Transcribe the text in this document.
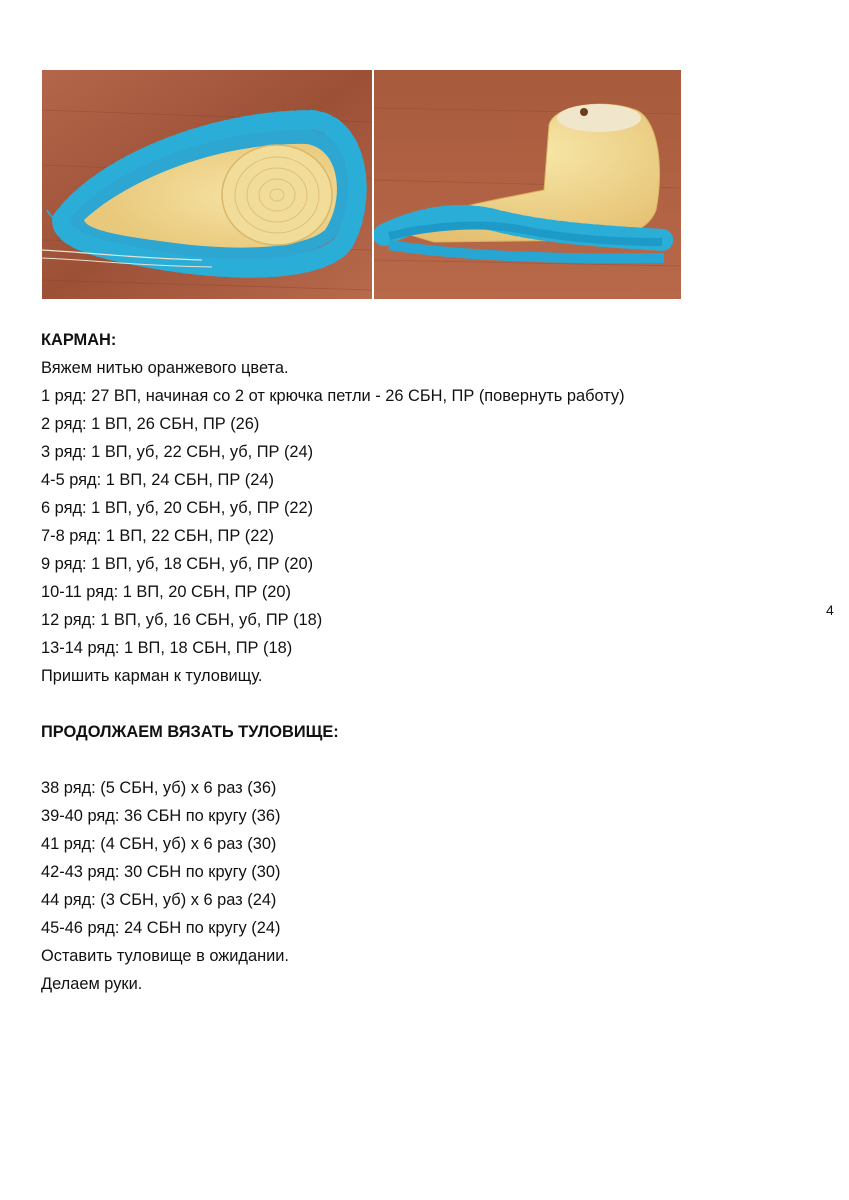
КАРМАН:
Вяжем нитью оранжевого цвета.
1 ряд: 27 ВП, начиная со 2 от крючка петли - 26 СБН, ПР (повернуть работу)
2 ряд: 1 ВП, 26 СБН, ПР (26)
3 ряд: 1 ВП, уб, 22 СБН, уб, ПР (24)
4-5 ряд: 1 ВП, 24 СБН, ПР (24)
6 ряд: 1 ВП, уб, 20 СБН, уб, ПР (22)
7-8 ряд: 1 ВП, 22 СБН, ПР (22)
9 ряд: 1 ВП, уб, 18 СБН, уб, ПР (20)
10-11 ряд: 1 ВП, 20 СБН, ПР (20)
12 ряд: 1 ВП, уб, 16 СБН, уб, ПР (18)
13-14 ряд: 1 ВП, 18 СБН, ПР (18)
Пришить карман к туловищу.
ПРОДОЛЖАЕМ ВЯЗАТЬ ТУЛОВИЩЕ:
38 ряд: (5 СБН, уб) х 6 раз (36)
39-40 ряд: 36 СБН по кругу (36)
41 ряд: (4 СБН, уб) х 6 раз (30)
42-43 ряд: 30 СБН по кругу (30)
44 ряд: (3 СБН, уб) х 6 раз (24)
45-46 ряд: 24 СБН по кругу (24)
Оставить туловище в ожидании.
Делаем руки.
4
